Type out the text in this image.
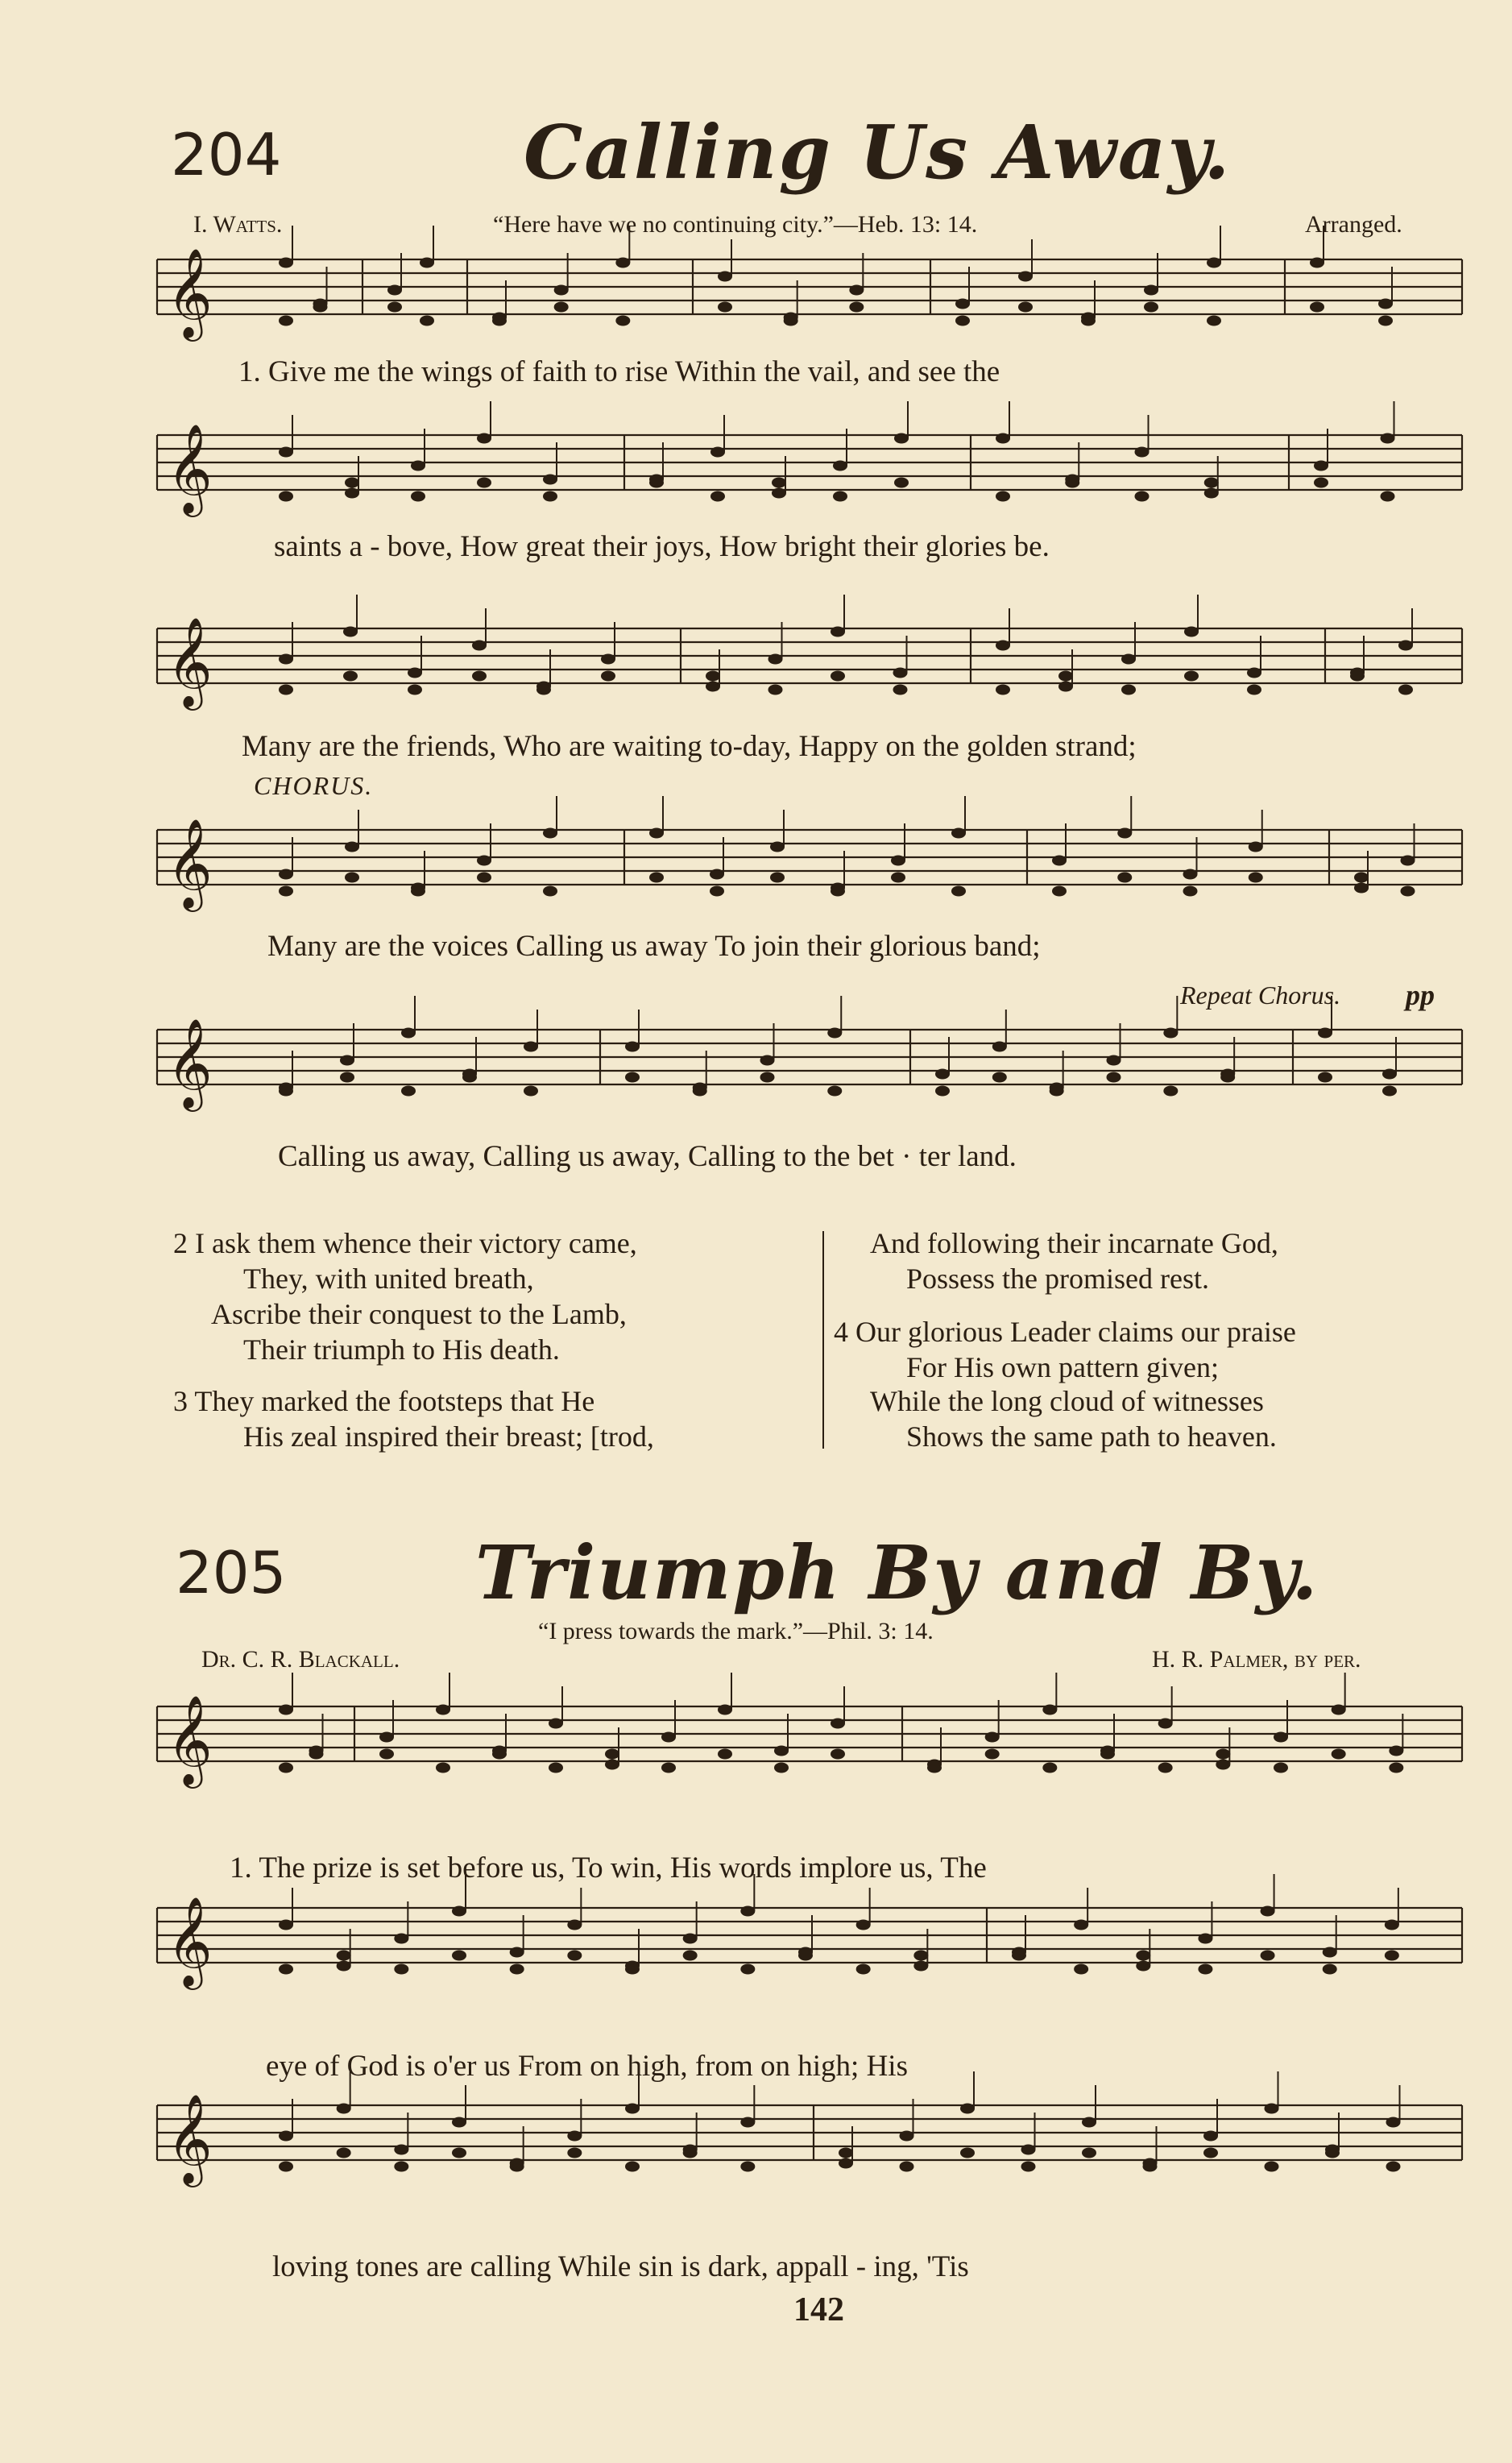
204	Calling Us Away.
I. Watts.	“Here have we no continuing city.”—Heb. 13: 14.	Arranged.
𝄞
𝄞
𝄞
𝄞
𝄞
𝄞
𝄞
𝄞
1. Give me the wings of faith to rise Within the vail, and see the
saints a - bove, How great their joys, How bright their glories be.
Many are the friends, Who are waiting to-day, Happy on the golden strand;
CHORUS.
Many are the voices Calling us away To join their glorious band;
Repeat Chorus. pp
Calling us away, Calling us away, Calling to the bet · ter land.
2 I ask them whence their victory came,
They, with united breath,
Ascribe their conquest to the Lamb,
Their triumph to His death.
3 They marked the footsteps that He
His zeal inspired their breast; [trod,
And following their incarnate God,
Possess the promised rest.
4 Our glorious Leader claims our praise
For His own pattern given;
While the long cloud of witnesses
Shows the same path to heaven.
205	Triumph By and By.
“I press towards the mark.”—Phil. 3: 14.
Dr. C. R. Blackall.	H. R. Palmer, by per.
1. The prize is set before us, To win, His words implore us, The
eye of God is o'er us From on high, from on high; His
loving tones are calling While sin is dark, appall - ing, 'Tis
142
